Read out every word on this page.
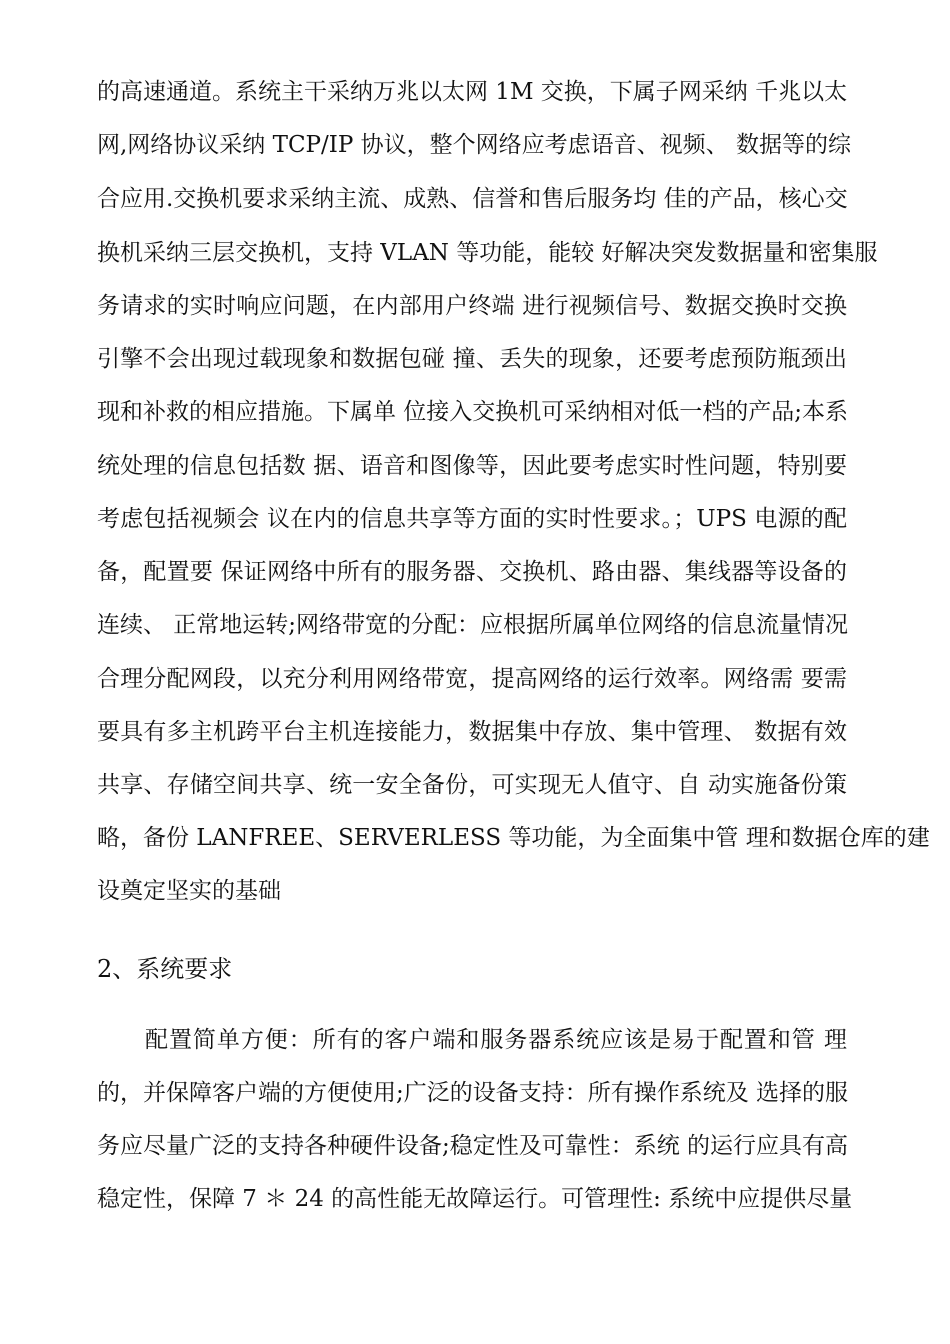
的高速通道。系统主干采纳万兆以太网 1M 交换，下属子网采纳 千兆以太
网,网络协议采纳 TCP/IP 协议，整个网络应考虑语音、视频、 数据等的综
合应用.交换机要求采纳主流、成熟、信誉和售后服务均 佳的产品，核心交
换机采纳三层交换机，支持 VLAN 等功能，能较 好解决突发数据量和密集服
务请求的实时响应问题，在内部用户终端 进行视频信号、数据交换时交换
引擎不会出现过载现象和数据包碰 撞、丢失的现象，还要考虑预防瓶颈出
现和补救的相应措施。下属单 位接入交换机可采纳相对低一档的产品;本系
统处理的信息包括数 据、语音和图像等，因此要考虑实时性问题，特别要
考虑包括视频会 议在内的信息共享等方面的实时性要求。；UPS 电源的配
备，配置要 保证网络中所有的服务器、交换机、路由器、集线器等设备的
连续、 正常地运转;网络带宽的分配：应根据所属单位网络的信息流量情况
合理分配网段，以充分利用网络带宽，提高网络的运行效率。网络需 要需
要具有多主机跨平台主机连接能力，数据集中存放、集中管理、 数据有效
共享、存储空间共享、统一安全备份，可实现无人值守、自 动实施备份策
略，备份 LANFREE、SERVERLESS 等功能，为全面集中管 理和数据仓库的建
设奠定坚实的基础
2、系统要求
配置简单方便：所有的客户端和服务器系统应该是易于配置和管 理
的，并保障客户端的方便使用;广泛的设备支持：所有操作系统及 选择的服
务应尽量广泛的支持各种硬件设备;稳定性及可靠性：系统 的运行应具有高
稳定性，保障 7 ＊ 24 的高性能无故障运行。可管理性: 系统中应提供尽量
